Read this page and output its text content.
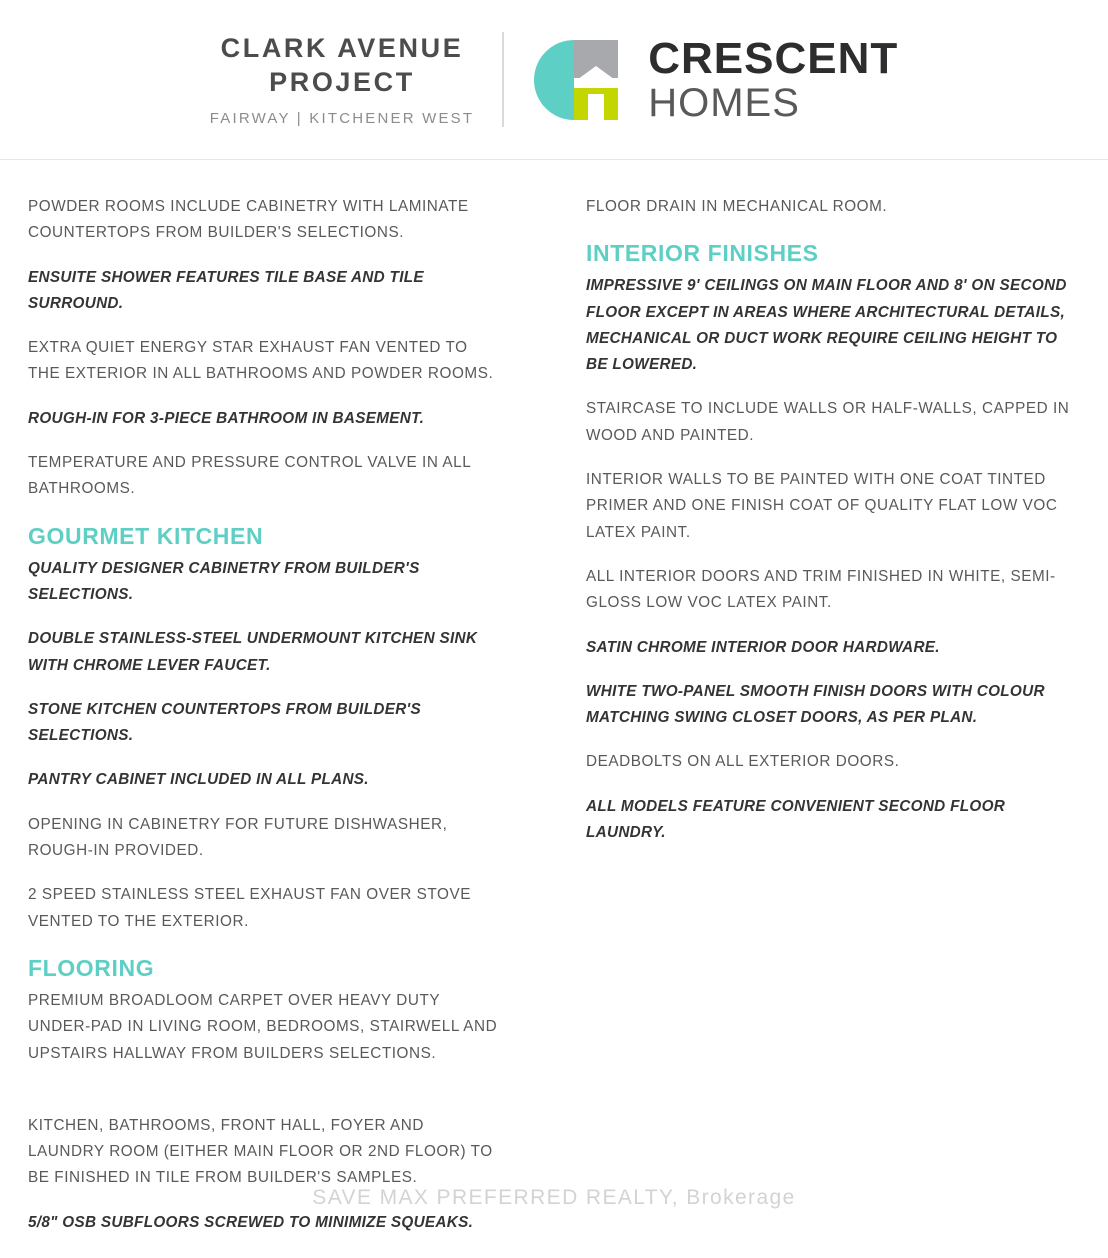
CLARK AVENUE
PROJECT
FAIRWAY | KITCHENER WEST
CRESCENT
HOMES
POWDER ROOMS INCLUDE CABINETRY WITH LAMINATE COUNTERTOPS FROM BUILDER'S SELECTIONS.
ENSUITE SHOWER FEATURES TILE BASE AND TILE SURROUND.
EXTRA QUIET ENERGY STAR EXHAUST FAN VENTED TO THE EXTERIOR IN ALL BATHROOMS AND POWDER ROOMS.
ROUGH-IN FOR 3-PIECE BATHROOM IN BASEMENT.
TEMPERATURE AND PRESSURE CONTROL VALVE IN ALL BATHROOMS.
GOURMET KITCHEN
QUALITY DESIGNER CABINETRY FROM BUILDER'S SELECTIONS.
DOUBLE STAINLESS-STEEL UNDERMOUNT KITCHEN SINK WITH CHROME LEVER FAUCET.
STONE KITCHEN COUNTERTOPS FROM BUILDER'S SELECTIONS.
PANTRY CABINET INCLUDED IN ALL PLANS.
OPENING IN CABINETRY FOR FUTURE DISHWASHER, ROUGH-IN PROVIDED.
2 SPEED STAINLESS STEEL EXHAUST FAN OVER STOVE VENTED TO THE EXTERIOR.
FLOORING
PREMIUM BROADLOOM CARPET OVER HEAVY DUTY UNDER-PAD IN LIVING ROOM, BEDROOMS, STAIRWELL AND UPSTAIRS HALLWAY FROM BUILDERS SELECTIONS.
KITCHEN, BATHROOMS, FRONT HALL, FOYER AND LAUNDRY ROOM (EITHER MAIN FLOOR OR 2ND FLOOR) TO BE FINISHED IN TILE FROM BUILDER'S SAMPLES.
5/8" OSB SUBFLOORS SCREWED TO MINIMIZE SQUEAKS.
FLOOR DRAIN IN MECHANICAL ROOM.
INTERIOR FINISHES
IMPRESSIVE 9' CEILINGS ON MAIN FLOOR AND 8' ON SECOND FLOOR EXCEPT IN AREAS WHERE ARCHITECTURAL DETAILS, MECHANICAL OR DUCT WORK REQUIRE CEILING HEIGHT TO BE LOWERED.
STAIRCASE TO INCLUDE WALLS OR HALF-WALLS, CAPPED IN WOOD AND PAINTED.
INTERIOR WALLS TO BE PAINTED WITH ONE COAT TINTED PRIMER AND ONE FINISH COAT OF QUALITY FLAT LOW VOC LATEX PAINT.
ALL INTERIOR DOORS AND TRIM FINISHED IN WHITE, SEMI-GLOSS LOW VOC LATEX PAINT.
SATIN CHROME INTERIOR DOOR HARDWARE.
WHITE TWO-PANEL SMOOTH FINISH DOORS WITH COLOUR MATCHING SWING CLOSET DOORS, AS PER PLAN.
DEADBOLTS ON ALL EXTERIOR DOORS.
ALL MODELS FEATURE CONVENIENT SECOND FLOOR LAUNDRY.
SAVE MAX PREFERRED REALTY, Brokerage
